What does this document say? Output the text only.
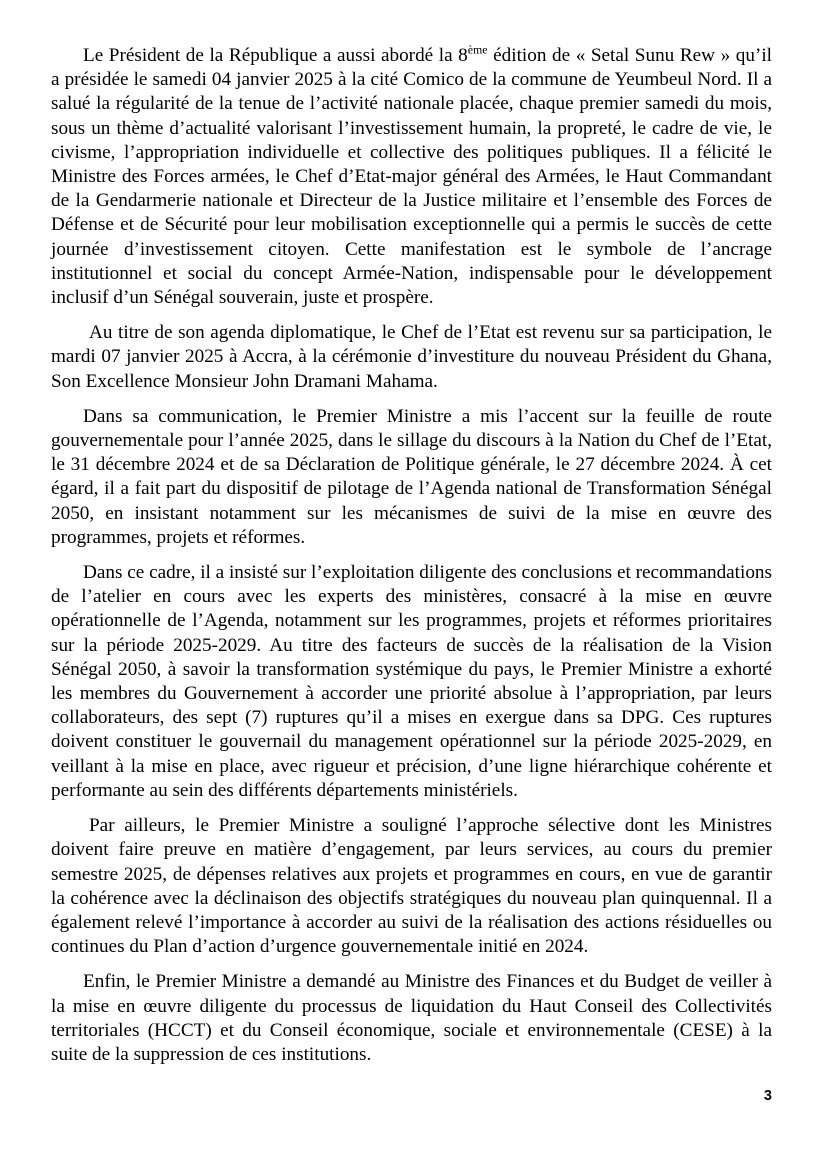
Le Président de la République a aussi abordé la 8ème édition de « Setal Sunu Rew » qu’il a présidée le samedi 04 janvier 2025 à la cité Comico de la commune de Yeumbeul Nord. Il a salué la régularité de la tenue de l’activité nationale placée, chaque premier samedi du mois, sous un thème d’actualité valorisant l’investissement humain, la propreté, le cadre de vie, le civisme, l’appropriation individuelle et collective des politiques publiques. Il a félicité le Ministre des Forces armées, le Chef d’Etat-major général des Armées, le Haut Commandant de la Gendarmerie nationale et Directeur de la Justice militaire et l’ensemble des Forces de Défense et de Sécurité pour leur mobilisation exceptionnelle qui a permis le succès de cette journée d’investissement citoyen. Cette manifestation est le symbole de l’ancrage institutionnel et social du concept Armée-Nation, indispensable pour le développement inclusif d’un Sénégal souverain, juste et prospère.

Au titre de son agenda diplomatique, le Chef de l’Etat est revenu sur sa participation, le mardi 07 janvier 2025 à Accra, à la cérémonie d’investiture du nouveau Président du Ghana, Son Excellence Monsieur John Dramani Mahama.

Dans sa communication, le Premier Ministre a mis l’accent sur la feuille de route gouvernementale pour l’année 2025, dans le sillage du discours à la Nation du Chef de l’Etat, le 31 décembre 2024 et de sa Déclaration de Politique générale, le 27 décembre 2024. À cet égard, il a fait part du dispositif de pilotage de l’Agenda national de Transformation Sénégal 2050, en insistant notamment sur les mécanismes de suivi de la mise en œuvre des programmes, projets et réformes.

Dans ce cadre, il a insisté sur l’exploitation diligente des conclusions et recommandations de l’atelier en cours avec les experts des ministères, consacré à la mise en œuvre opérationnelle de l’Agenda, notamment sur les programmes, projets et réformes prioritaires sur la période 2025-2029. Au titre des facteurs de succès de la réalisation de la Vision Sénégal 2050, à savoir la transformation systémique du pays, le Premier Ministre a exhorté les membres du Gouvernement à accorder une priorité absolue à l’appropriation, par leurs collaborateurs, des sept (7) ruptures qu’il a mises en exergue dans sa DPG. Ces ruptures doivent constituer le gouvernail du management opérationnel sur la période 2025-2029, en veillant à la mise en place, avec rigueur et précision, d’une ligne hiérarchique cohérente et performante au sein des différents départements ministériels.

Par ailleurs, le Premier Ministre a souligné l’approche sélective dont les Ministres doivent faire preuve en matière d’engagement, par leurs services, au cours du premier semestre 2025, de dépenses relatives aux projets et programmes en cours, en vue de garantir la cohérence avec la déclinaison des objectifs stratégiques du nouveau plan quinquennal. Il a également relevé l’importance à accorder au suivi de la réalisation des actions résiduelles ou continues du Plan d’action d’urgence gouvernementale initié en 2024.

Enfin, le Premier Ministre a demandé au Ministre des Finances et du Budget de veiller à la mise en œuvre diligente du processus de liquidation du Haut Conseil des Collectivités territoriales (HCCT) et du Conseil économique, sociale et environnementale (CESE) à la suite de la suppression de ces institutions.

3
